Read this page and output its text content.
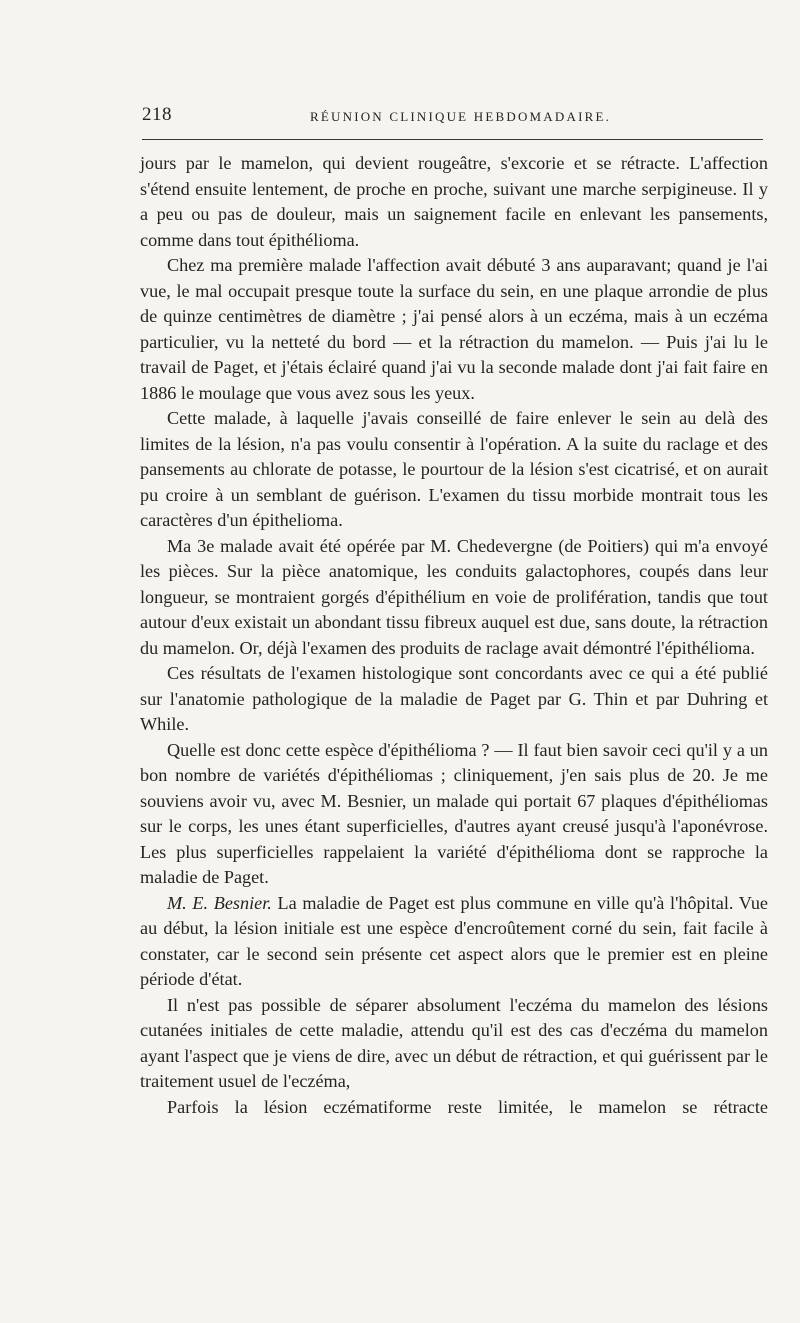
218	RÉUNION CLINIQUE HEBDOMADAIRE.

jours par le mamelon, qui devient rougeâtre, s'excorie et se rétracte. L'affection s'étend ensuite lentement, de proche en proche, suivant une marche serpigineuse. Il y a peu ou pas de douleur, mais un saignement facile en enlevant les pansements, comme dans tout épithélioma.

Chez ma première malade l'affection avait débuté 3 ans auparavant; quand je l'ai vue, le mal occupait presque toute la surface du sein, en une plaque arrondie de plus de quinze centimètres de diamètre ; j'ai pensé alors à un eczéma, mais à un eczéma particulier, vu la netteté du bord — et la rétraction du mamelon. — Puis j'ai lu le travail de Paget, et j'étais éclairé quand j'ai vu la seconde malade dont j'ai fait faire en 1886 le moulage que vous avez sous les yeux.

Cette malade, à laquelle j'avais conseillé de faire enlever le sein au delà des limites de la lésion, n'a pas voulu consentir à l'opération. A la suite du raclage et des pansements au chlorate de potasse, le pourtour de la lésion s'est cicatrisé, et on aurait pu croire à un semblant de guérison. L'examen du tissu morbide montrait tous les caractères d'un épithelioma.

Ma 3e malade avait été opérée par M. Chedevergne (de Poitiers) qui m'a envoyé les pièces. Sur la pièce anatomique, les conduits galactophores, coupés dans leur longueur, se montraient gorgés d'épithélium en voie de prolifération, tandis que tout autour d'eux existait un abondant tissu fibreux auquel est due, sans doute, la rétraction du mamelon. Or, déjà l'examen des produits de raclage avait démontré l'épithélioma.

Ces résultats de l'examen histologique sont concordants avec ce qui a été publié sur l'anatomie pathologique de la maladie de Paget par G. Thin et par Duhring et While.

Quelle est donc cette espèce d'épithélioma ? — Il faut bien savoir ceci qu'il y a un bon nombre de variétés d'épithéliomas ; cliniquement, j'en sais plus de 20. Je me souviens avoir vu, avec M. Besnier, un malade qui portait 67 plaques d'épithéliomas sur le corps, les unes étant superficielles, d'autres ayant creusé jusqu'à l'aponévrose. Les plus superficielles rappelaient la variété d'épithélioma dont se rapproche la maladie de Paget.

M. E. Besnier. La maladie de Paget est plus commune en ville qu'à l'hôpital. Vue au début, la lésion initiale est une espèce d'encroûtement corné du sein, fait facile à constater, car le second sein présente cet aspect alors que le premier est en pleine période d'état.

Il n'est pas possible de séparer absolument l'eczéma du mamelon des lésions cutanées initiales de cette maladie, attendu qu'il est des cas d'eczéma du mamelon ayant l'aspect que je viens de dire, avec un début de rétraction, et qui guérissent par le traitement usuel de l'eczéma,

Parfois la lésion eczématiforme reste limitée, le mamelon se rétracte
